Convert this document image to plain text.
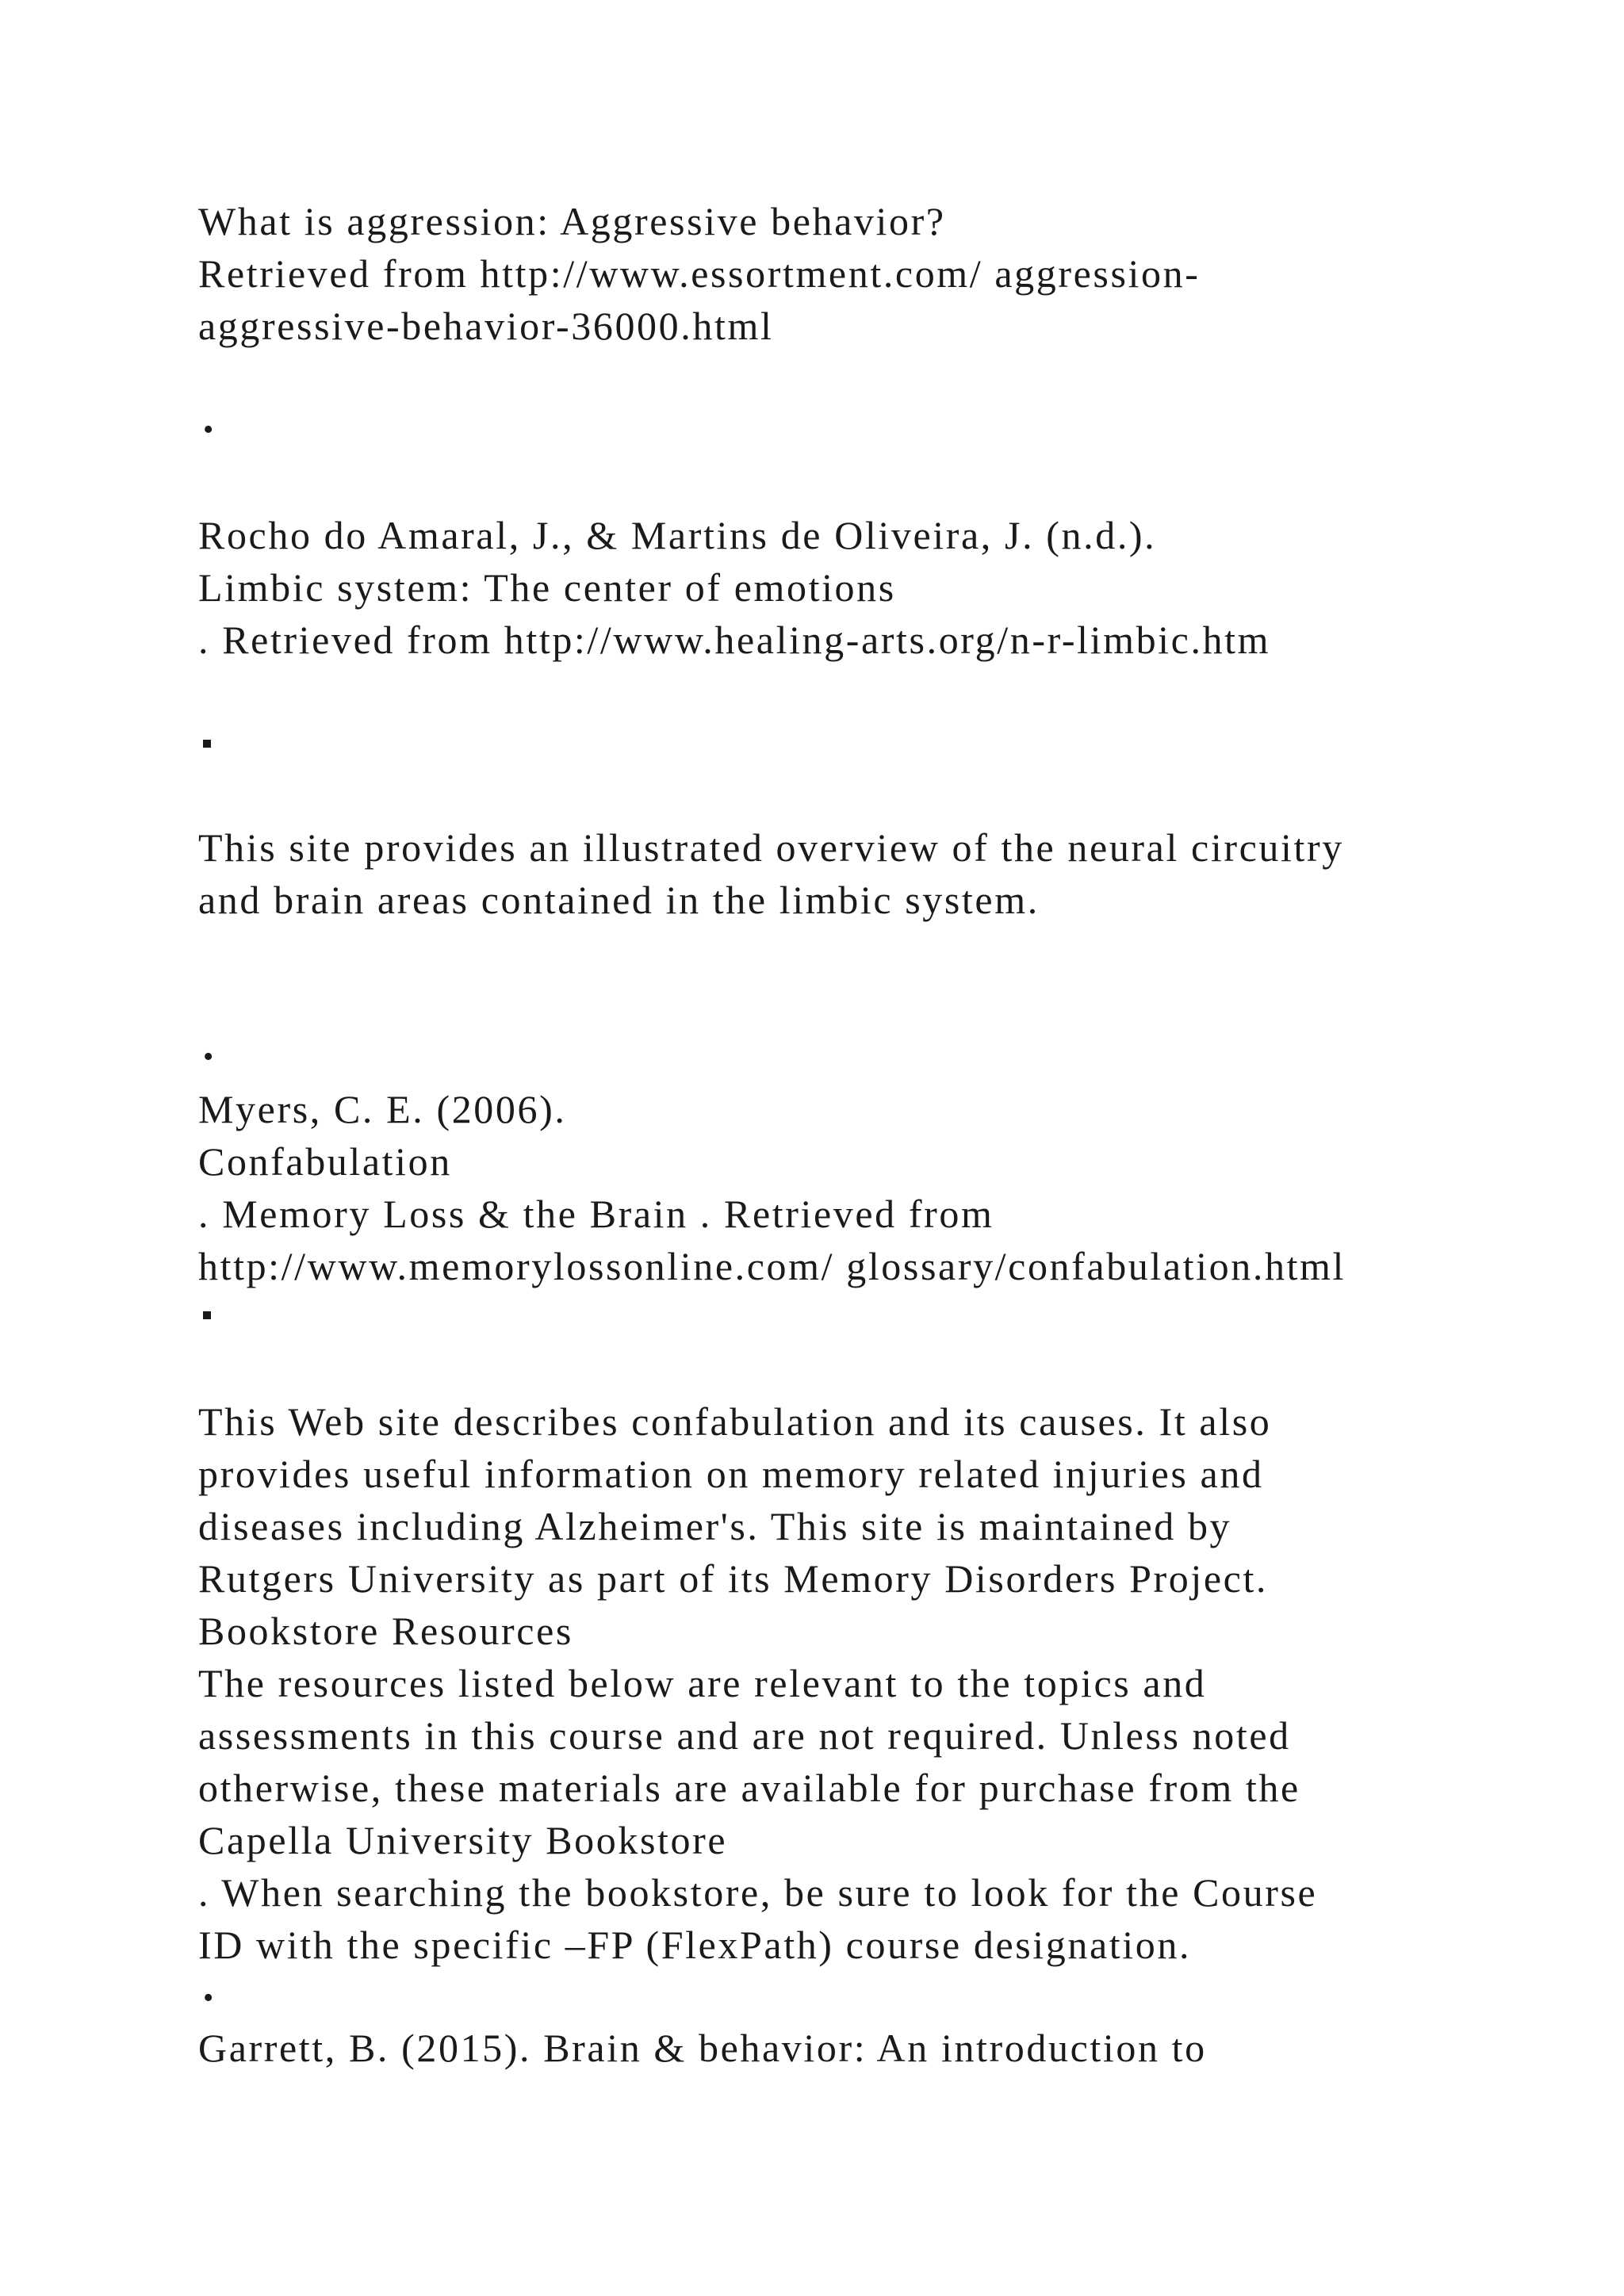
What is aggression: Aggressive behavior?

Retrieved from http://www.essortment.com/ aggression-

aggressive-behavior-36000.html

•

Rocho do Amaral, J., & Martins de Oliveira, J. (n.d.).

Limbic system: The center of emotions

. Retrieved from http://www.healing-arts.org/n-r-limbic.htm

This site provides an illustrated overview of the neural circuitry

and brain areas contained in the limbic system.

•

Myers, C. E. (2006).

Confabulation

. Memory Loss & the Brain . Retrieved from

http://www.memorylossonline.com/ glossary/confabulation.html

This Web site describes confabulation and its causes. It also

provides useful information on memory related injuries and

diseases including Alzheimer's. This site is maintained by

Rutgers University as part of its Memory Disorders Project.

Bookstore Resources

The resources listed below are relevant to the topics and

assessments in this course and are not required. Unless noted

otherwise, these materials are available for purchase from the

Capella University Bookstore

. When searching the bookstore, be sure to look for the Course

ID with the specific –FP (FlexPath) course designation.

•

Garrett, B. (2015). Brain & behavior: An introduction to
